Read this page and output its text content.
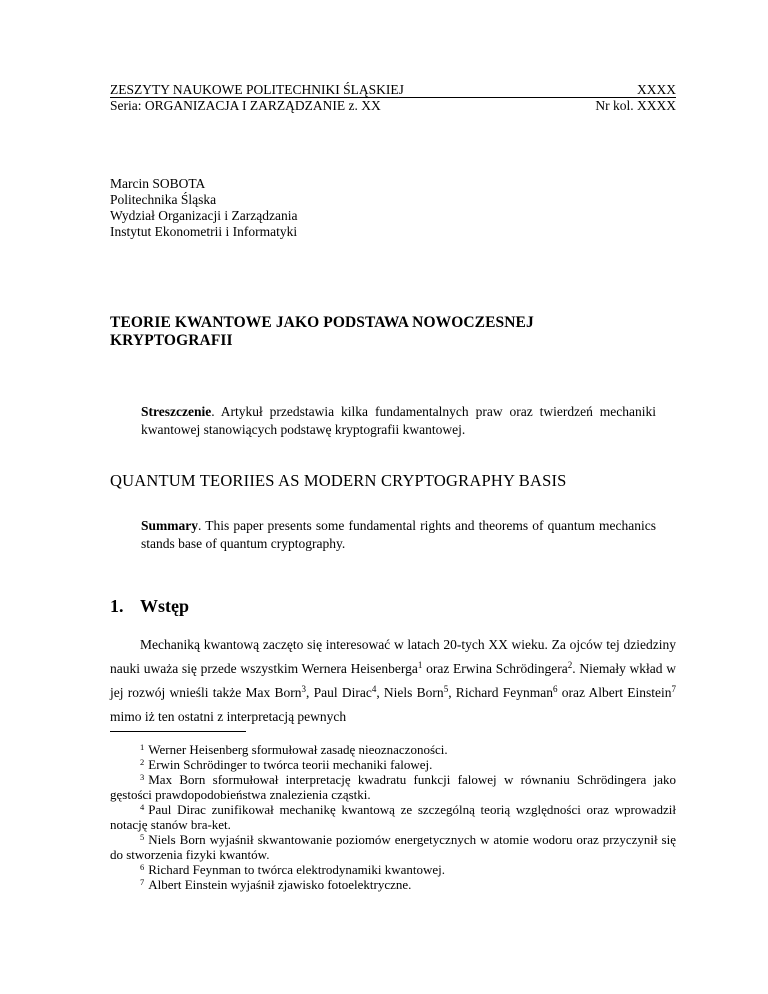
ZESZYTY NAUKOWE POLITECHNIKI ŚLĄSKIEJ
Seria: ORGANIZACJA I ZARZĄDZANIE z. XX
XXXX
Nr kol. XXXX
Marcin SOBOTA
Politechnika Śląska
Wydział Organizacji i Zarządzania
Instytut Ekonometrii i Informatyki
TEORIE KWANTOWE JAKO PODSTAWA NOWOCZESNEJ
KRYPTOGRAFII
Streszczenie. Artykuł przedstawia kilka fundamentalnych praw oraz twierdzeń mechaniki kwantowej stanowiących podstawę kryptografii kwantowej.
QUANTUM TEORIIES AS MODERN CRYPTOGRAPHY BASIS
Summary. This paper presents some fundamental rights and theorems of quantum mechanics stands base of quantum cryptography.
1. Wstęp

Mechaniką kwantową zaczęto się interesować w latach 20-tych XX wieku. Za ojców tej dziedziny nauki uważa się przede wszystkim Wernera Heisenberga$^1$ oraz Erwina Schrödingera$^2$. Niemały wkład w jej rozwój wnieśli także Max Born$^3$, Paul Dirac$^4$, Niels Born$^5$, Richard Feynman$^6$ oraz Albert Einstein$^7$ mimo iż ten ostatni z interpretacją pewnych

$^1$ Werner Heisenberg sformułował zasadę nieoznaczoności.
$^2$ Erwin Schrödinger to twórca teorii mechaniki falowej.
$^3$ Max Born sformułował interpretację kwadratu funkcji falowej w równaniu Schrödingera jako gęstości prawdopodobieństwa znalezienia cząstki.
$^4$ Paul Dirac zunifikował mechanikę kwantową ze szczególną teorią względności oraz wprowadził notację stanów bra-ket.
$^5$ Niels Born wyjaśnił skwantowanie poziomów energetycznych w atomie wodoru oraz przyczynił się do stworzenia fizyki kwantów.
$^6$ Richard Feynman to twórca elektrodynamiki kwantowej.
$^7$ Albert Einstein wyjaśnił zjawisko fotoelektryczne.
